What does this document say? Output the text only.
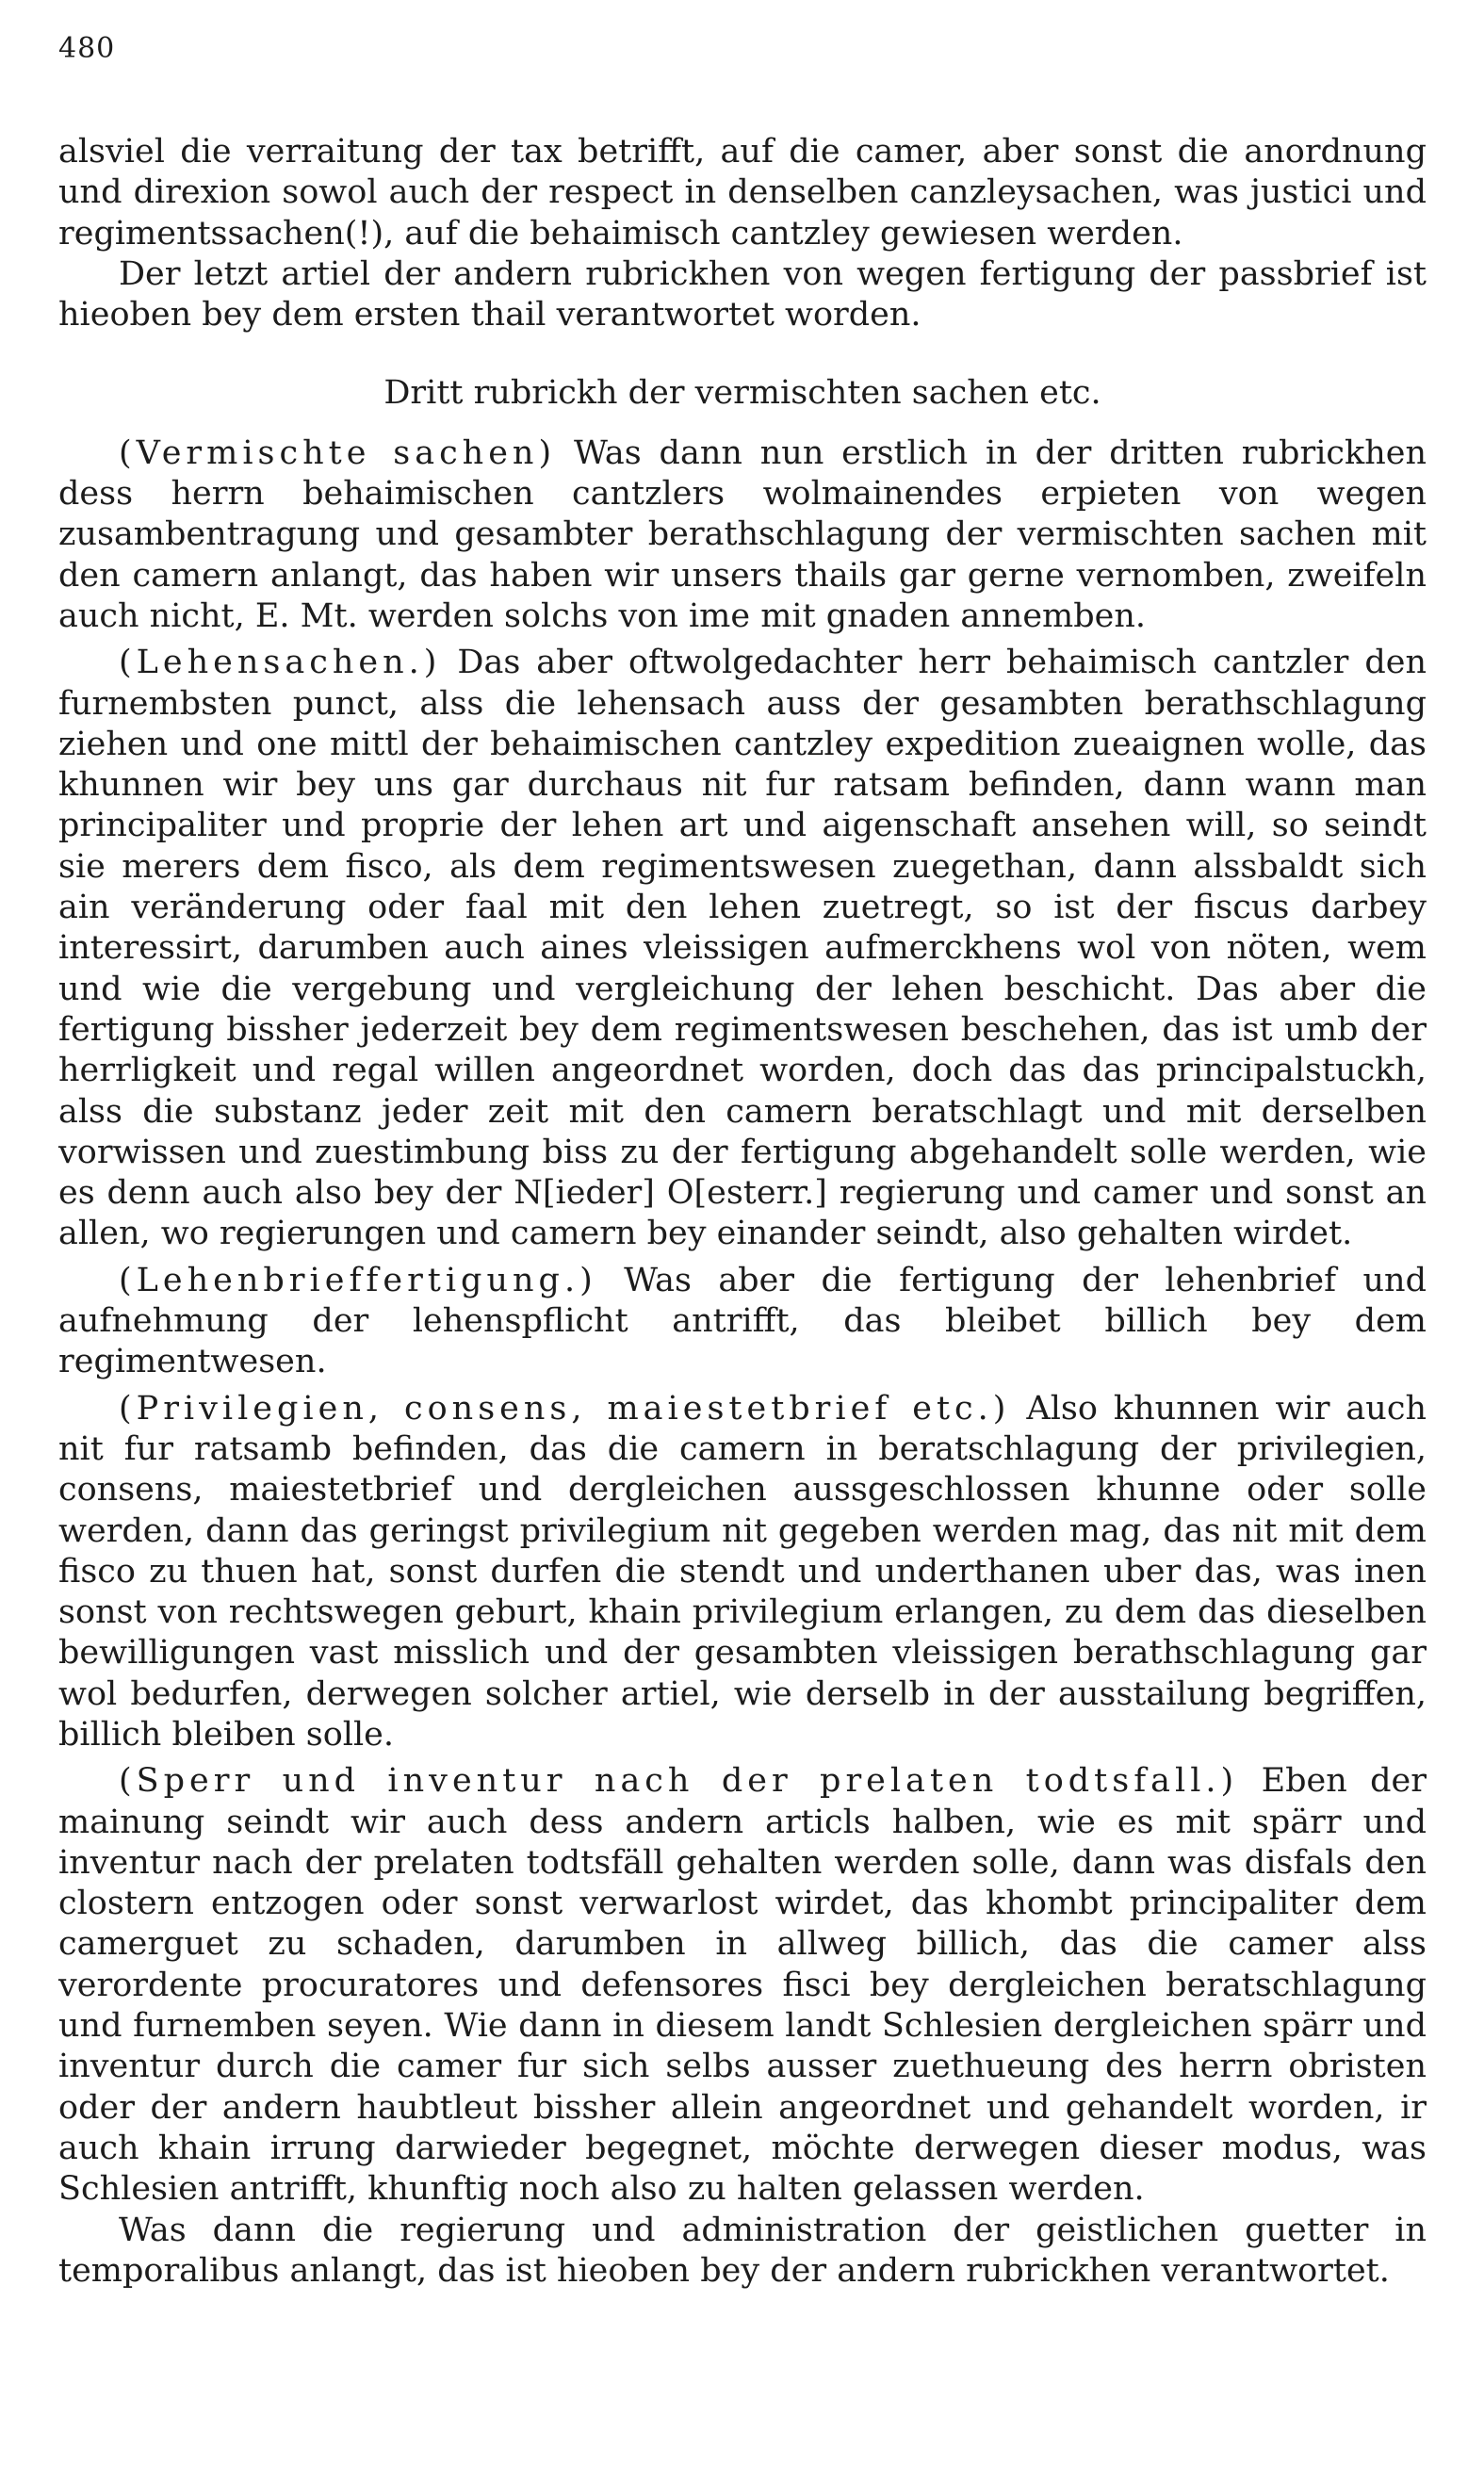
480

alsviel die verraitung der tax betrifft, auf die camer, aber sonst die anordnung und direxion sowol auch der respect in denselben canzleysachen, was justici und regimentssachen(!), auf die behaimisch cantzley gewiesen werden.

Der letzt artiel der andern rubrickhen von wegen fertigung der passbrief ist hieoben bey dem ersten thail verantwortet worden.

Dritt rubrickh der vermischten sachen etc.

(Vermischte sachen) Was dann nun erstlich in der dritten rubrickhen dess herrn behaimischen cantzlers wolmainendes erpieten von wegen zusambentragung und gesambter berathschlagung der vermischten sachen mit den camern anlangt, das haben wir unsers thails gar gerne vernomben, zweifeln auch nicht, E. Mt. werden solchs von ime mit gnaden annemben.

(Lehensachen.) Das aber oftwolgedachter herr behaimisch cantzler den furnembsten punct, alss die lehensach auss der gesambten berathschlagung ziehen und one mittl der behaimischen cantzley expedition zueaignen wolle, das khunnen wir bey uns gar durchaus nit fur ratsam befinden, dann wann man principaliter und proprie der lehen art und aigenschaft ansehen will, so seindt sie merers dem fisco, als dem regimentswesen zuegethan, dann alssbaldt sich ain veränderung oder faal mit den lehen zuetregt, so ist der fiscus darbey interessirt, darumben auch aines vleissigen aufmerckhens wol von nöten, wem und wie die vergebung und vergleichung der lehen beschicht. Das aber die fertigung bissher jederzeit bey dem regimentswesen beschehen, das ist umb der herrligkeit und regal willen angeordnet worden, doch das das principalstuckh, alss die substanz jeder zeit mit den camern beratschlagt und mit derselben vorwissen und zuestimbung biss zu der fertigung abgehandelt solle werden, wie es denn auch also bey der N[ieder] O[esterr.] regierung und camer und sonst an allen, wo regierungen und camern bey einander seindt, also gehalten wirdet.

(Lehenbrieffertigung.) Was aber die fertigung der lehenbrief und aufnehmung der lehenspflicht antrifft, das bleibet billich bey dem regimentwesen.

(Privilegien, consens, maiestetbrief etc.) Also khunnen wir auch nit fur ratsamb befinden, das die camern in beratschlagung der privilegien, consens, maiestetbrief und dergleichen aussgeschlossen khunne oder solle werden, dann das geringst privilegium nit gegeben werden mag, das nit mit dem fisco zu thuen hat, sonst durfen die stendt und underthanen uber das, was inen sonst von rechtswegen geburt, khain privilegium erlangen, zu dem das dieselben bewilligungen vast misslich und der gesambten vleissigen berathschlagung gar wol bedurfen, derwegen solcher artiel, wie derselb in der ausstailung begriffen, billich bleiben solle.

(Sperr und inventur nach der prelaten todtsfall.) Eben der mainung seindt wir auch dess andern articls halben, wie es mit spärr und inventur nach der prelaten todtsfäll gehalten werden solle, dann was disfals den clostern entzogen oder sonst verwarlost wirdet, das khombt principaliter dem camerguet zu schaden, darumben in allweg billich, das die camer alss verordente procuratores und defensores fisci bey dergleichen beratschlagung und furnemben seyen. Wie dann in diesem landt Schlesien dergleichen spärr und inventur durch die camer fur sich selbs ausser zuethueung des herrn obristen oder der andern haubtleut bissher allein angeordnet und gehandelt worden, ir auch khain irrung darwieder begegnet, möchte derwegen dieser modus, was Schlesien antrifft, khunftig noch also zu halten gelassen werden.

Was dann die regierung und administration der geistlichen guetter in temporalibus anlangt, das ist hieoben bey der andern rubrickhen verantwortet.
